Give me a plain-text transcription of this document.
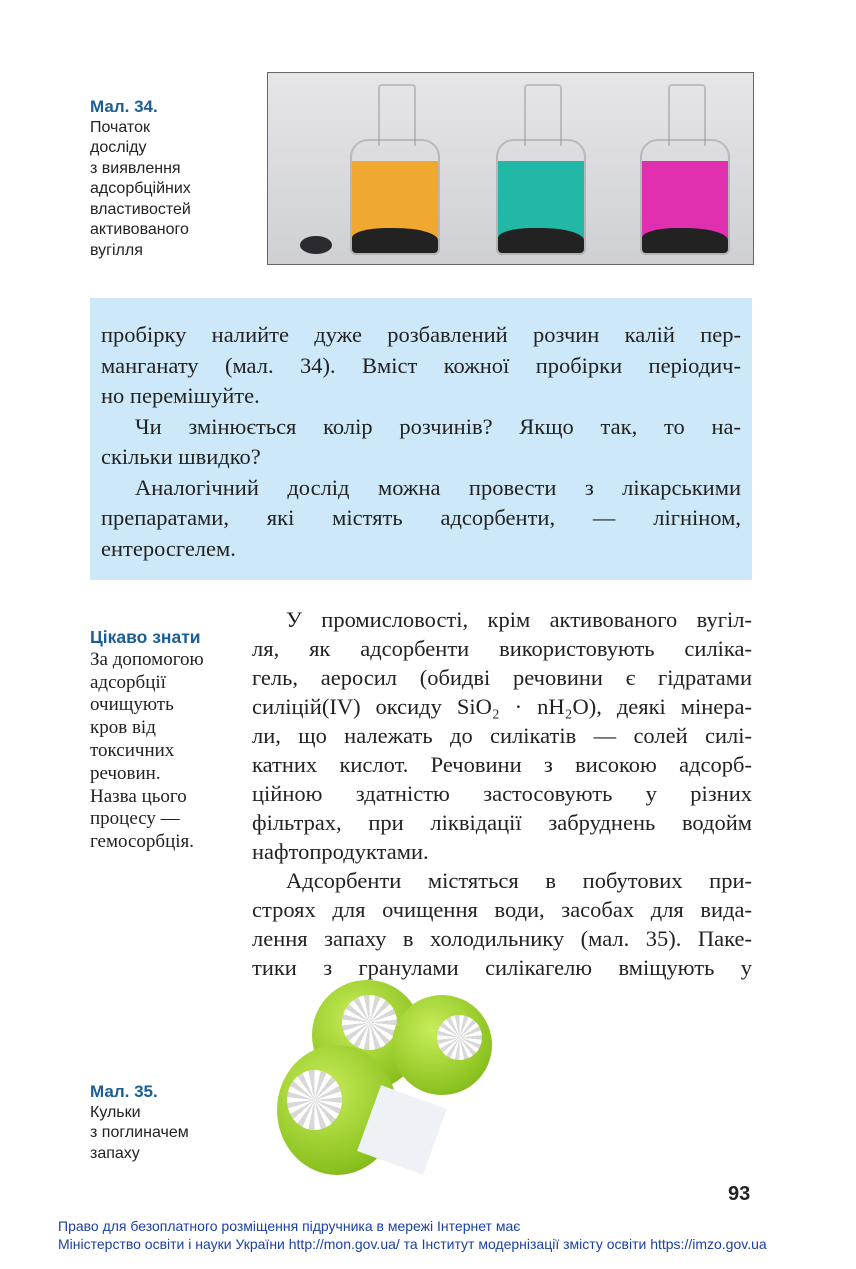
Мал. 34.
Початок
досліду
з виявлення
адсорбційних
властивостей
активованого
вугілля
пробірку налийте дуже розбавлений розчин калій пер-
манганату (мал. 34). Вміст кожної пробірки періодич-
но перемішуйте.
Чи змінюється колір розчинів? Якщо так, то на-
скільки швидко?
Аналогічний дослід можна провести з лікарськими
препаратами, які містять адсорбенти, — лігніном,
ентеросгелем.
Цікаво знати
За допомогою
адсорбції
очищують
кров від
токсичних
речовин.
Назва цього
процесу —
гемосорбція.
У промисловості, крім активованого вугіл-
ля, як адсорбенти використовують силіка-
гель, аеросил (обидві речовини є гідратами
силіцій(IV) оксиду SiO₂ · nH₂O), деякі мінера-
ли, що належать до силікатів — солей силі-
катних кислот. Речовини з високою адсорб-
ційною здатністю застосовують у різних
фільтрах, при ліквідації забруднень водойм
нафтопродуктами.
Адсорбенти містяться в побутових при-
строях для очищення води, засобах для вида-
лення запаху в холодильнику (мал. 35). Паке-
тики з гранулами силікагелю вміщують у
Мал. 35.
Кульки
з поглиначем
запаху
93
Право для безоплатного розміщення підручника в мережі Інтернет має
Міністерство освіти і науки України http://mon.gov.ua/ та Інститут модернізації змісту освіти https://imzo.gov.ua
